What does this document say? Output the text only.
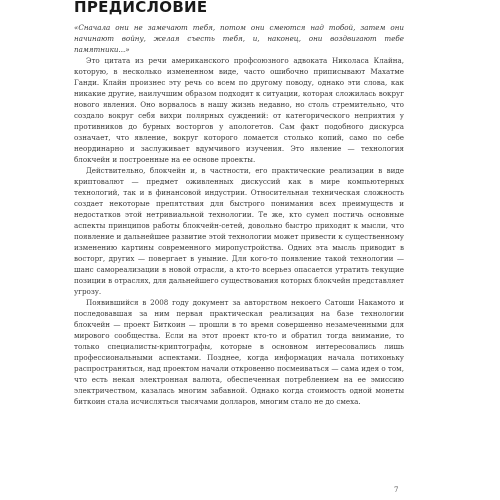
ПРЕДИСЛОВИЕ

«Сначала они не замечают тебя, потом они смеются над тобой, затем они начинают войну, желая съесть тебя, и, наконец, они воздвигают тебе памятники...»

Это цитата из речи американского профсоюзного адвоката Николаса Клайна, которую, в несколько измененном виде, часто ошибочно приписывают Махатме Ганди. Клайн произнес эту речь со всем по другому поводу, однако эти слова, как никакие другие, наилучшим образом подходят к ситуации, которая сложилась вокруг нового явления. Оно ворвалось в нашу жизнь недавно, но столь стремительно, что создало вокруг себя вихри полярных суждений: от категорического неприятия у противников до бурных восторгов у апологетов. Сам факт подобного дискурса означает, что явление, вокруг которого ломается столько копий, само по себе неординарно и заслуживает вдумчивого изучения. Это явление — технология блокчейн и построенные на ее основе проекты.

Действительно, блокчейн и, в частности, его практические реализации в виде криптовалют — предмет оживленных дискуссий как в мире компьютерных технологий, так и в финансовой индустрии. Относительная техническая сложность создает некоторые препятствия для быстрого понимания всех преимуществ и недостатков этой нетривиальной технологии. Те же, кто сумел постичь основные аспекты принципов работы блокчейн-сетей, довольно быстро приходят к мысли, что появление и дальнейшее развитие этой технологии может привести к существенному изменению картины современного миропустройства. Одних эта мысль приводит в восторг, других — повергает в уныние. Для кого-то появление такой технологии — шанс самореализации в новой отрасли, а кто-то всерьез опасается утратить текущие позиции в отраслях, для дальнейшего существования которых блокчейн представляет угрозу.

Появившийся в 2008 году документ за авторством некоего Сатоши Накамото и последовавшая за ним первая практическая реализация на базе технологии блокчейн — проект Биткоин — прошли в то время совершенно незамеченными для мирового сообщества. Если на этот проект кто-то и обратил тогда внимание, то только специалисты-криптографы, которые в основном интересовались лишь профессиональными аспектами. Позднее, когда информация начала потихоньку распространяться, над проектом начали откровенно посмеиваться — сама идея о том, что есть некая электронная валюта, обеспеченная потреблением на ее эмиссию электричеством, казалась многим забавной. Однако когда стоимость одной монеты биткоин стала исчисляться тысячами долларов, многим стало не до смеха.

7
